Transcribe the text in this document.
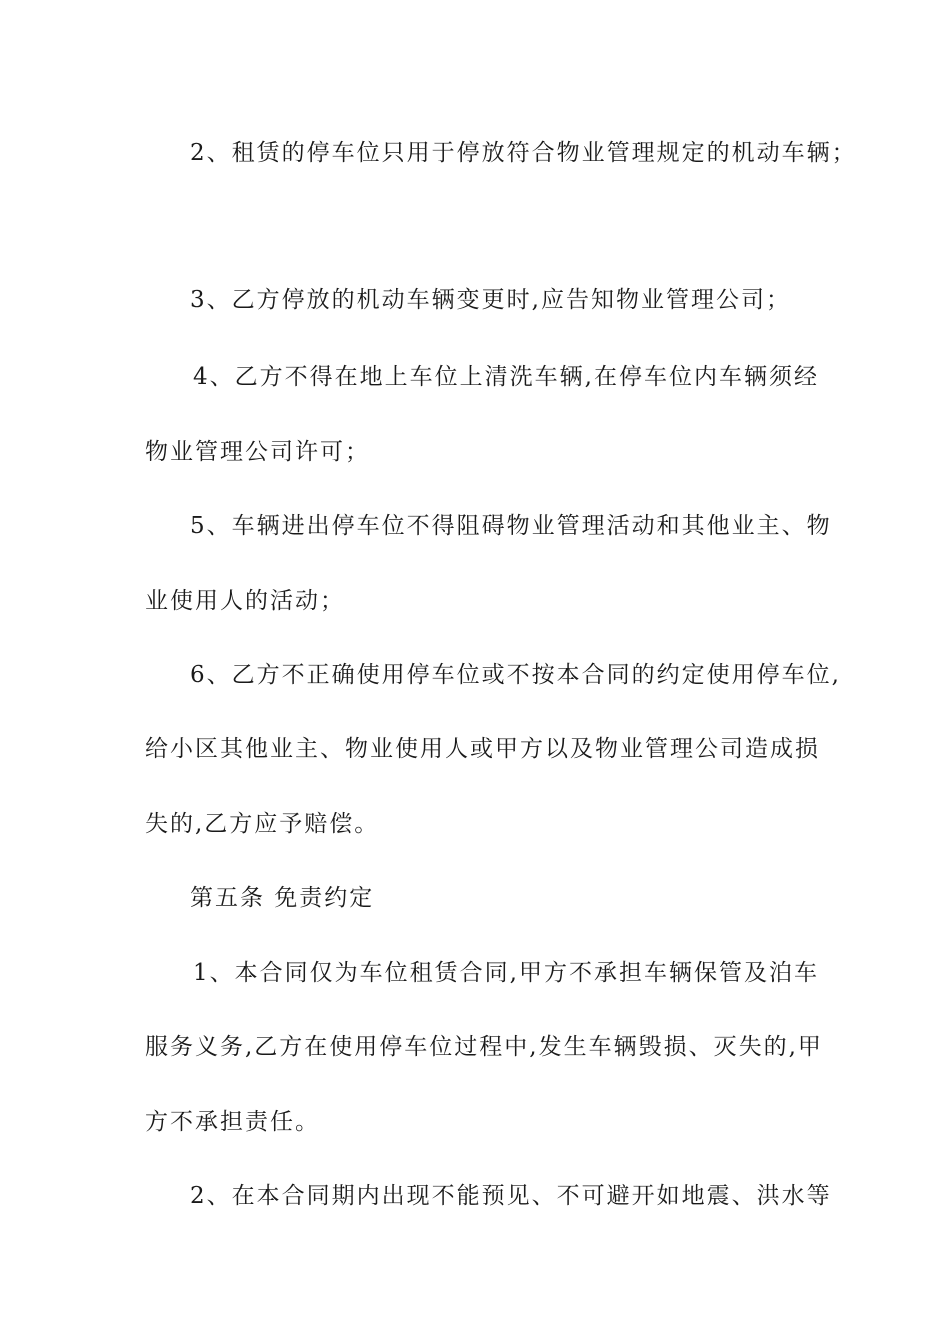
2、租赁的停车位只用于停放符合物业管理规定的机动车辆；
3、乙方停放的机动车辆变更时,应告知物业管理公司；
4、乙方不得在地上车位上清洗车辆,在停车位内车辆须经
物业管理公司许可；
5、车辆进出停车位不得阻碍物业管理活动和其他业主、物
业使用人的活动；
6、乙方不正确使用停车位或不按本合同的约定使用停车位,
给小区其他业主、物业使用人或甲方以及物业管理公司造成损
失的,乙方应予赔偿。
第五条 免责约定
1、本合同仅为车位租赁合同,甲方不承担车辆保管及泊车
服务义务,乙方在使用停车位过程中,发生车辆毁损、灭失的,甲
方不承担责任。
2、在本合同期内出现不能预见、不可避开如地震、洪水等
